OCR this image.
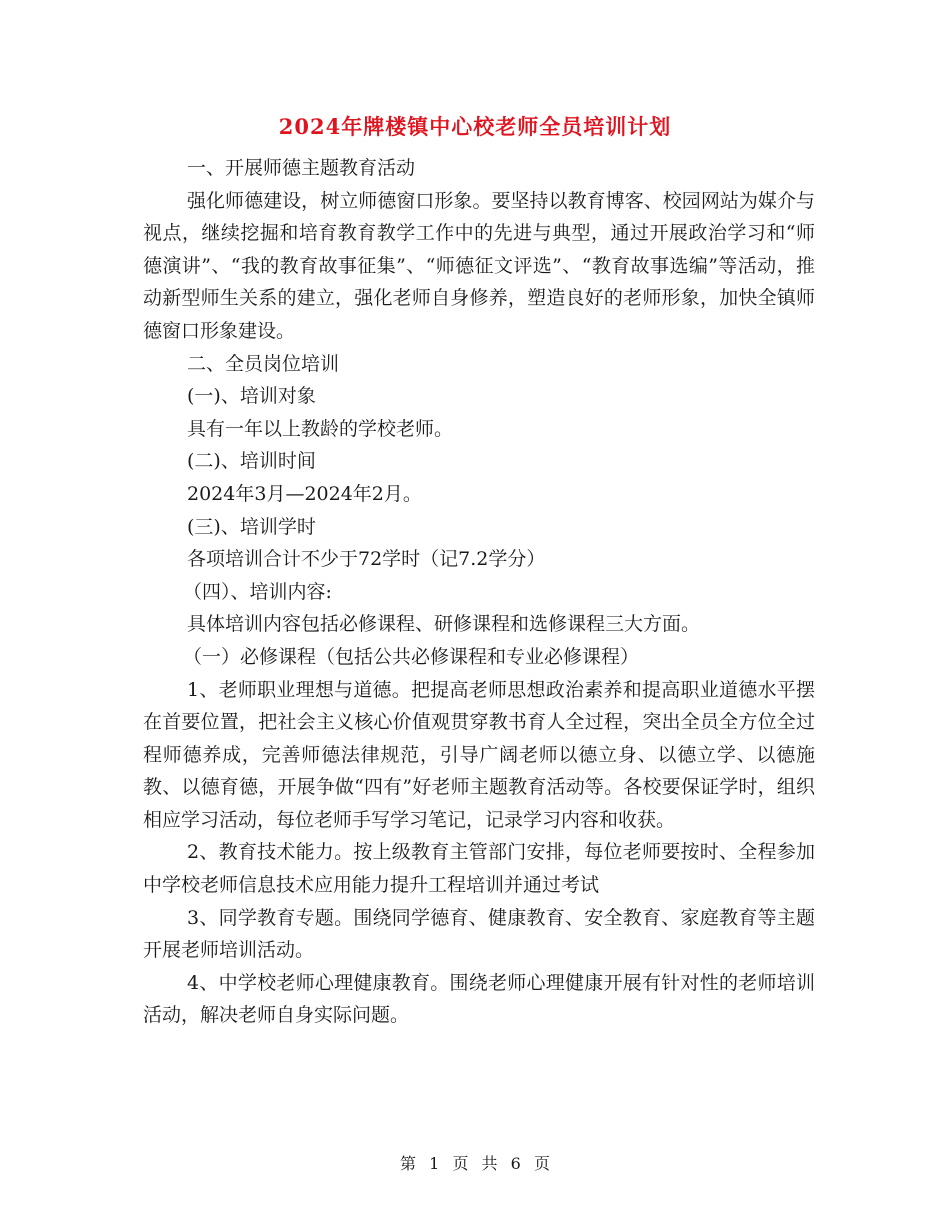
2024年牌楼镇中心校老师全员培训计划

一、开展师德主题教育活动

强化师德建设，树立师德窗口形象。要坚持以教育博客、校园网站为媒介与视点，继续挖掘和培育教育教学工作中的先进与典型，通过开展政治学习和“师德演讲”、“我的教育故事征集”、“师德征文评选”、“教育故事选编”等活动，推动新型师生关系的建立，强化老师自身修养，塑造良好的老师形象，加快全镇师德窗口形象建设。

二、全员岗位培训

(一)、培训对象

具有一年以上教龄的学校老师。

(二)、培训时间

2024年3月—2024年2月。

(三)、培训学时

各项培训合计不少于72学时（记7.2学分）

（四）、培训内容:

具体培训内容包括必修课程、研修课程和选修课程三大方面。

（一）必修课程（包括公共必修课程和专业必修课程）

1、老师职业理想与道德。把提高老师思想政治素养和提高职业道德水平摆在首要位置，把社会主义核心价值观贯穿教书育人全过程，突出全员全方位全过程师德养成，完善师德法律规范，引导广阔老师以德立身、以德立学、以德施教、以德育德，开展争做“四有”好老师主题教育活动等。各校要保证学时，组织相应学习活动，每位老师手写学习笔记，记录学习内容和收获。

2、教育技术能力。按上级教育主管部门安排，每位老师要按时、全程参加中学校老师信息技术应用能力提升工程培训并通过考试

3、同学教育专题。围绕同学德育、健康教育、安全教育、家庭教育等主题开展老师培训活动。

4、中学校老师心理健康教育。围绕老师心理健康开展有针对性的老师培训活动，解决老师自身实际问题。

第 1 页 共 6 页
